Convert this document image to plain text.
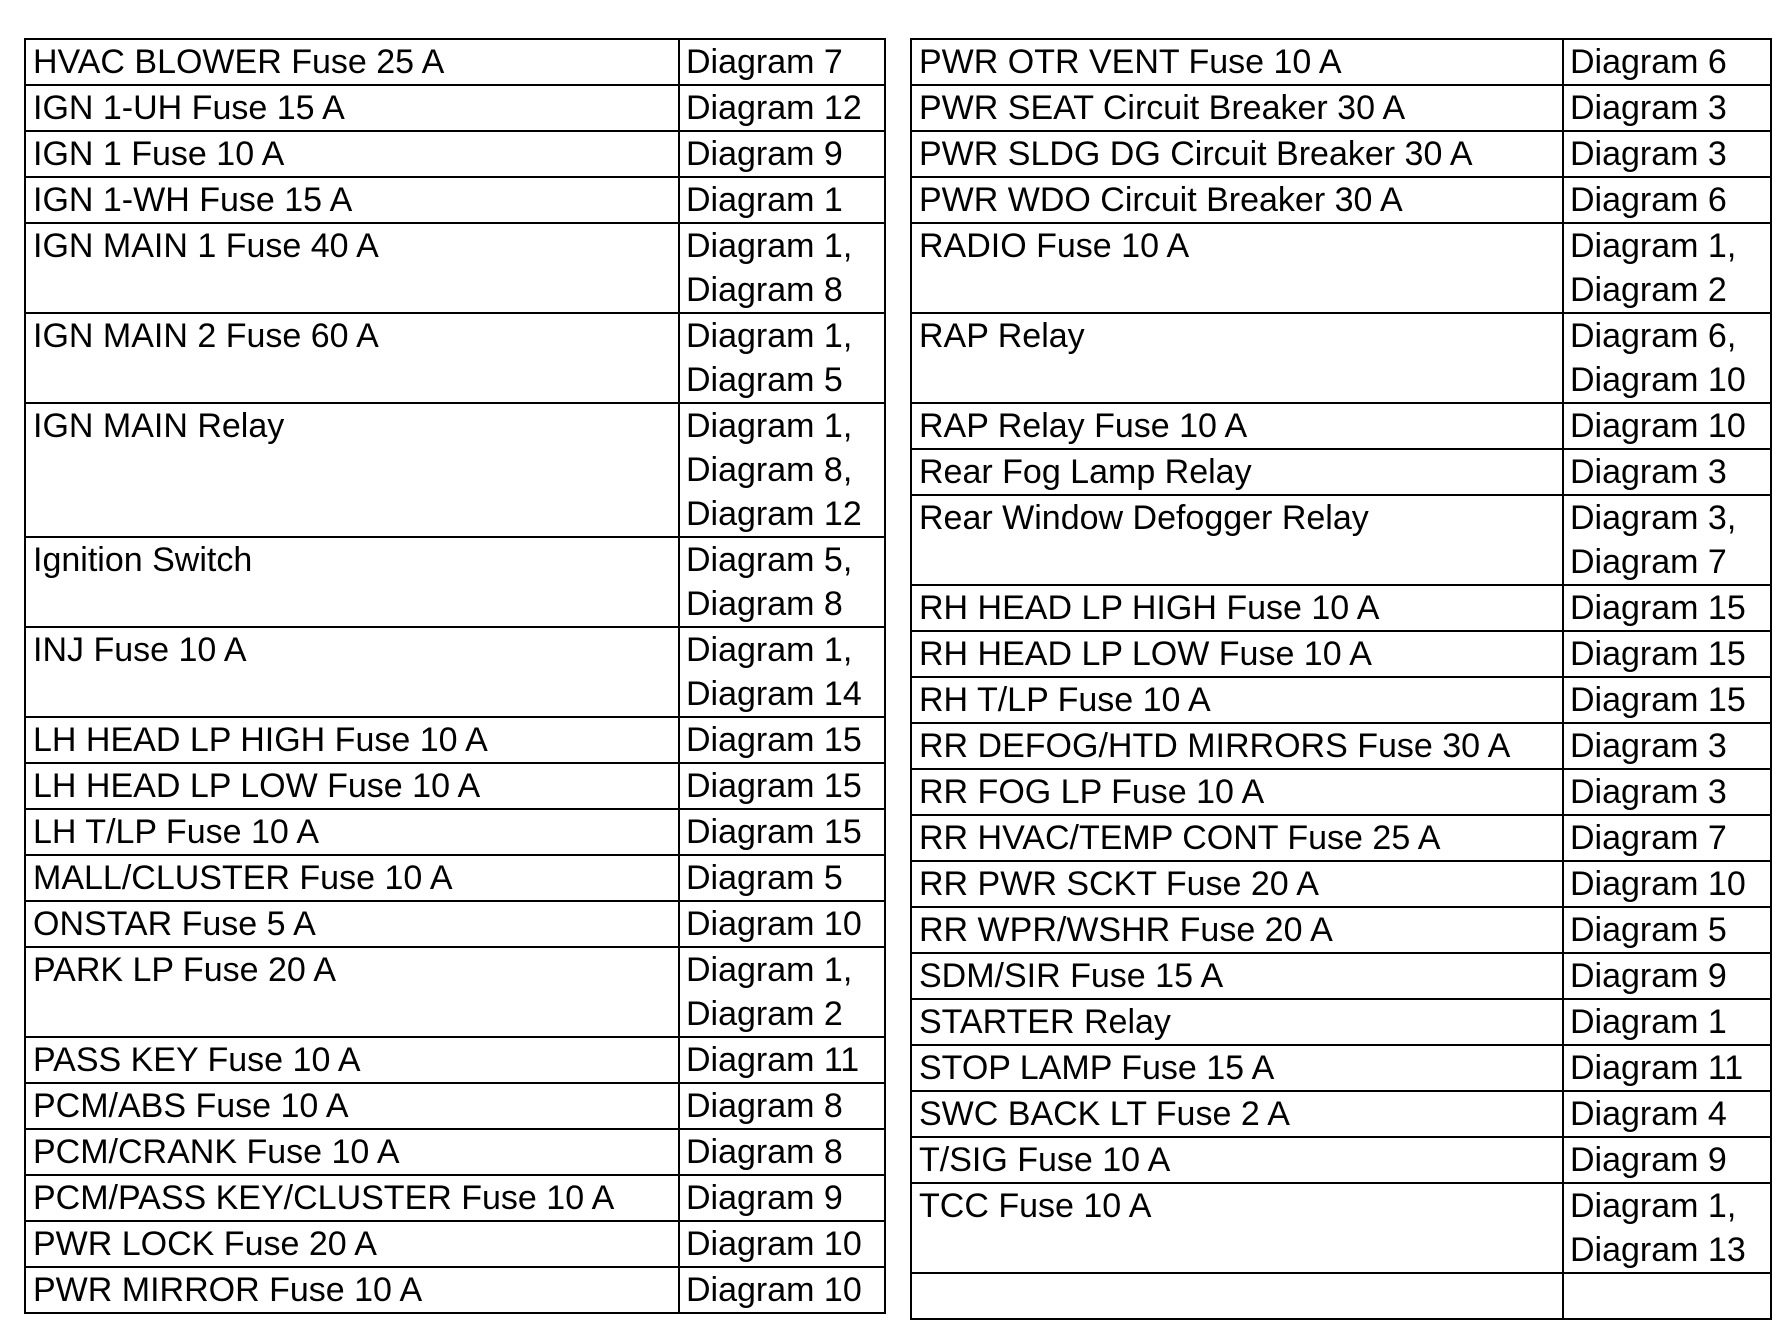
HVAC BLOWER Fuse 25 A	Diagram 7

IGN 1-UH Fuse 15 A	Diagram 12

IGN 1 Fuse 10 A	Diagram 9

IGN 1-WH Fuse 15 A	Diagram 1

IGN MAIN 1 Fuse 40 A	Diagram 1,
Diagram 8

IGN MAIN 2 Fuse 60 A	Diagram 1,
Diagram 5

IGN MAIN Relay	Diagram 1,
Diagram 8,
Diagram 12

Ignition Switch	Diagram 5,
Diagram 8

INJ Fuse 10 A	Diagram 1,
Diagram 14

LH HEAD LP HIGH Fuse 10 A	Diagram 15

LH HEAD LP LOW Fuse 10 A	Diagram 15

LH T/LP Fuse 10 A	Diagram 15

MALL/CLUSTER Fuse 10 A	Diagram 5

ONSTAR Fuse 5 A	Diagram 10

PARK LP Fuse 20 A	Diagram 1,
Diagram 2

PASS KEY Fuse 10 A	Diagram 11

PCM/ABS Fuse 10 A	Diagram 8

PCM/CRANK Fuse 10 A	Diagram 8

PCM/PASS KEY/CLUSTER Fuse 10 A	Diagram 9

PWR LOCK Fuse 20 A	Diagram 10

PWR MIRROR Fuse 10 A	Diagram 10
PWR OTR VENT Fuse 10 A	Diagram 6

PWR SEAT Circuit Breaker 30 A	Diagram 3

PWR SLDG DG Circuit Breaker 30 A	Diagram 3

PWR WDO Circuit Breaker 30 A	Diagram 6

RADIO Fuse 10 A	Diagram 1,
Diagram 2

RAP Relay	Diagram 6,
Diagram 10

RAP Relay Fuse 10 A	Diagram 10

Rear Fog Lamp Relay	Diagram 3

Rear Window Defogger Relay	Diagram 3,
Diagram 7

RH HEAD LP HIGH Fuse 10 A	Diagram 15

RH HEAD LP LOW Fuse 10 A	Diagram 15

RH T/LP Fuse 10 A	Diagram 15

RR DEFOG/HTD MIRRORS Fuse 30 A	Diagram 3

RR FOG LP Fuse 10 A	Diagram 3

RR HVAC/TEMP CONT Fuse 25 A	Diagram 7

RR PWR SCKT Fuse 20 A	Diagram 10

RR WPR/WSHR Fuse 20 A	Diagram 5

SDM/SIR Fuse 15 A	Diagram 9

STARTER Relay	Diagram 1

STOP LAMP Fuse 15 A	Diagram 11

SWC BACK LT Fuse 2 A	Diagram 4

T/SIG Fuse 10 A	Diagram 9

TCC Fuse 10 A	Diagram 1,
Diagram 13
